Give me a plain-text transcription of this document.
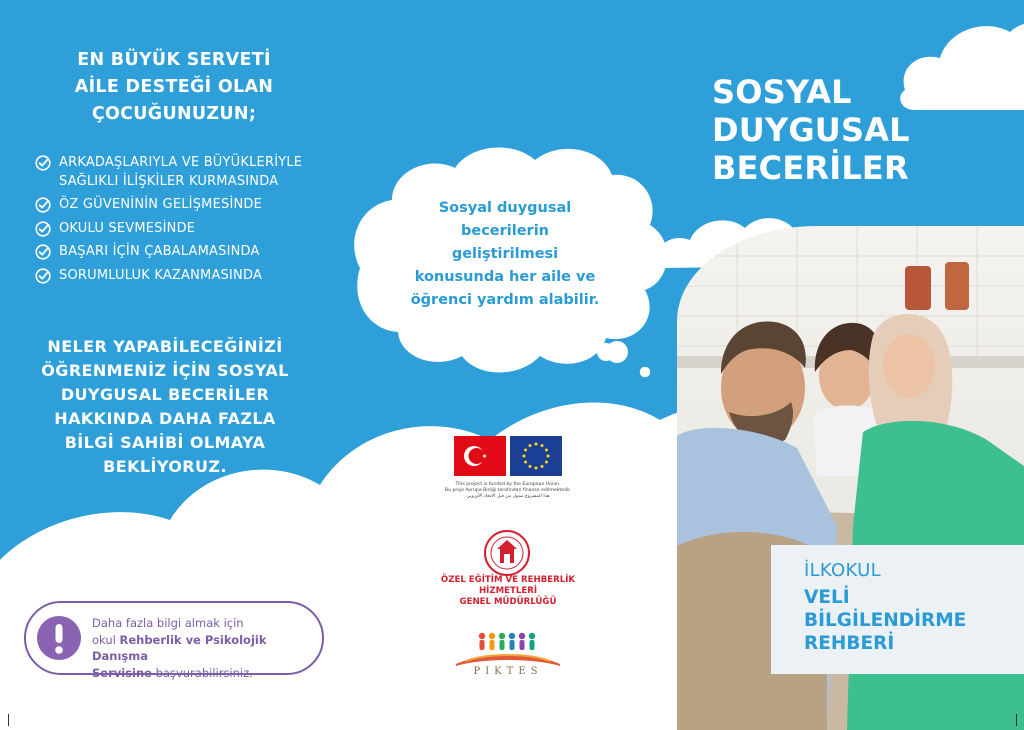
EN BÜYÜK SERVETİ
AİLE DESTEĞİ OLAN
ÇOCUĞUNUZUN;
ARKADAŞLARIYLA VE BÜYÜKLERİYLE SAĞLIKLI İLİŞKİLER KURMASINDA
ÖZ GÜVENİNİN GELİŞMESİNDE
OKULU SEVMESİNDE
BAŞARI İÇİN ÇABALAMASINDA
SORUMLULUK KAZANMASINDA
NELER YAPABİLECEĞİNİZİ
ÖĞRENMENİZ İÇİN SOSYAL
DUYGUSAL BECERİLER
HAKKINDA DAHA FAZLA
BİLGİ SAHİBİ OLMAYA
BEKLİYORUZ.
Daha fazla bilgi almak için
okul Rehberlik ve Psikolojik Danışma
Servisine başvurabilirsiniz.
Sosyal duygusal
becerilerin
geliştirilmesi
konusunda her aile ve
öğrenci yardım alabilir.
This project is funded by the European Union.
Bu proje Avrupa Birliği tarafından finanse edilmektedir.
هذا المشروع ممول من قبل الاتحاد الأوروبي
ÖZEL EĞİTİM VE REHBERLİK HİZMETLERİ
GENEL MÜDÜRLÜĞÜ
PIKTES
SOSYAL
DUYGUSAL
BECERİLER
İLKOKUL
VELİ
BİLGİLENDİRME
REHBERİ
